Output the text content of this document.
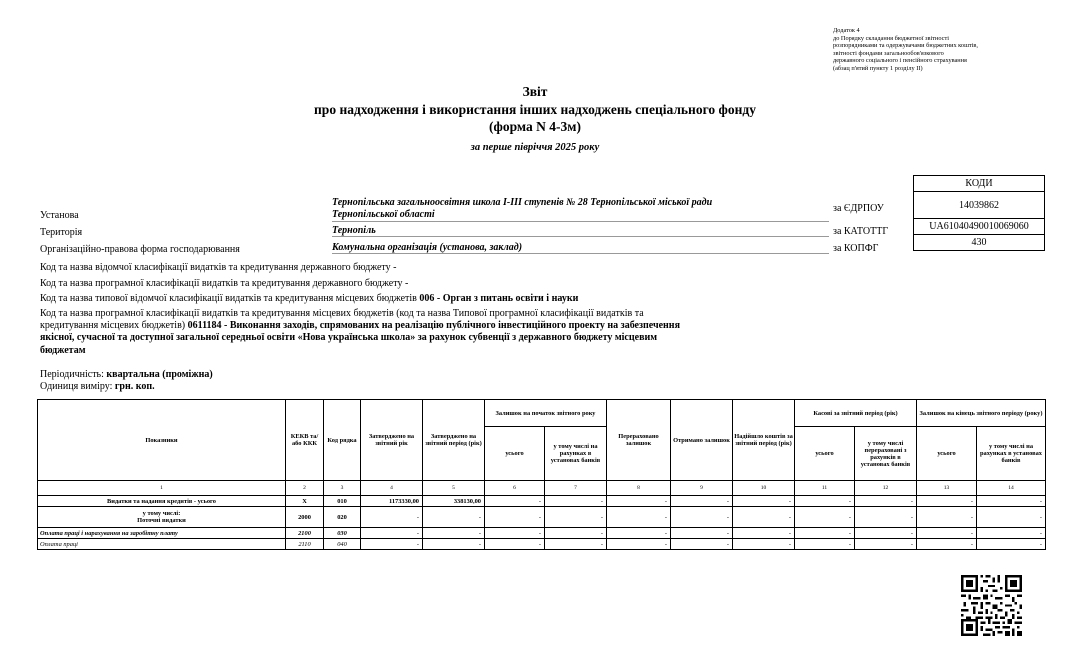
Додаток 4
до Порядку складання бюджетної звітності
розпорядниками та одержувачами бюджетних коштів,
звітності фондами загальнообов'язкового
державного соціального і пенсійного страхування
(абзац п'ятий пункту 1 розділу II)
Звіт
про надходження і використання інших надходжень спеціального фонду
(форма N 4-3м)
за перше півріччя 2025 року
КОДИ
14039862
UA61040490010069060
430
за ЄДРПОУ
за КАТОТТГ
за КОПФГ
Установа
Тернопільська загальноосвітня школа І-ІІІ ступенів № 28 Тернопільської міської ради
Тернопільської області
Територія	Тернопіль
Організаційно-правова форма господарювання	Комунальна організація (установа, заклад)
Код та назва відомчої класифікації видатків та кредитування державного бюджету -
Код та назва програмної класифікації видатків та кредитування державного бюджету -
Код та назва типової відомчої класифікації видатків та кредитування місцевих бюджетів 006 - Орган з питань освіти і науки
Код та назва програмної класифікації видатків та кредитування місцевих бюджетів (код та назва Типової програмної класифікації видатків та
кредитування місцевих бюджетів) 0611184 - Виконання заходів, спрямованих на реалізацію публічного інвестиційного проекту на забезпечення
якісної, сучасної та доступної загальної середньої освіти «Нова українська школа» за рахунок субвенції з державного бюджету місцевим
бюджетам
Періодичність: квартальна (проміжна)
Одиниця виміру: грн. коп.
Показники	КЕКВ та/або ККК	Код рядка	Затверджено на звітний рік	Затверджено на звітний період (рік)	Залишок на початок звітного року	Перераховано залишок	Отримано залишок	Надійшло коштів за звітний період (рік)	Касові за звітний період (рік)	Залишок на кінець звітного періоду (року)
усього	у тому числі на рахунках в установах банків	усього	у тому числі перераховані з рахунків в установах банків	усього	у тому числі на рахунках в установах банків
1	2	3	4	5	6	7	8	9	10	11	12	13	14
Видатки та надання кредитів - усього	X	010	1173330,00	338130,00	-	-	-	-	-	-	-	-	-

у тому числі:
Поточні видатки	2000	020	-	-	-	-	-	-	-	-	-	-	-
Оплата праці і нарахування на заробітну плату	2100	030	-	-	-	-	-	-	-	-	-	-	-
Оплата праці	2110	040	-	-	-	-	-	-	-	-	-	-	-
